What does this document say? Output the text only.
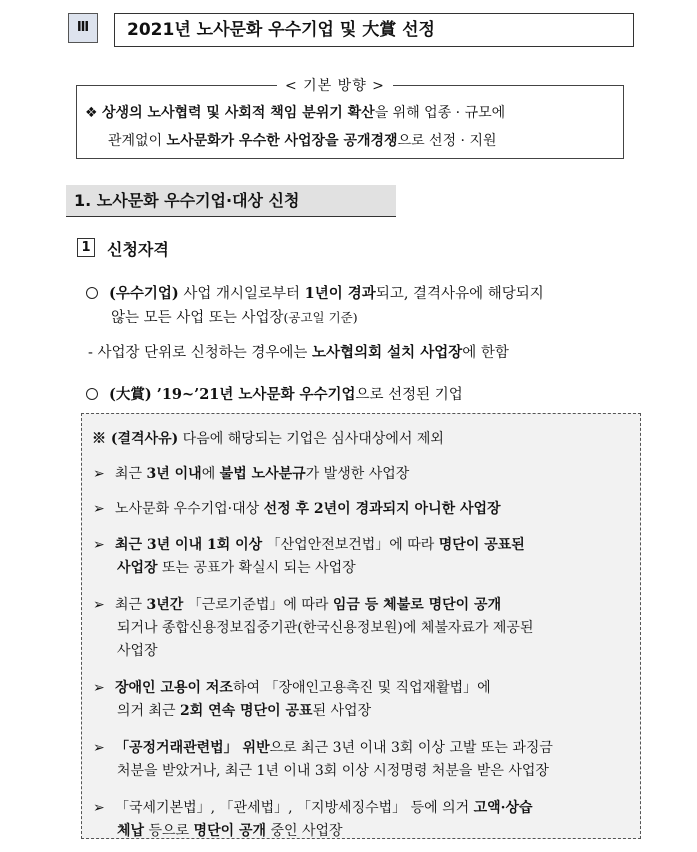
Ⅲ	2021년 노사문화 우수기업 및 大賞 선정
< 기본 방향 >
❖ 상생의 노사협력 및 사회적 책임 분위기 확산을 위해 업종 · 규모에
관계없이 노사문화가 우수한 사업장을 공개경쟁으로 선정 · 지원
1. 노사문화 우수기업·대상 신청
1 신청자격
(우수기업) 사업 개시일로부터 1년이 경과되고, 결격사유에 해당되지
않는 모든 사업 또는 사업장(공고일 기준)
- 사업장 단위로 신청하는 경우에는 노사협의회 설치 사업장에 한함
(大賞) ’19~’21년 노사문화 우수기업으로 선정된 기업
※ (결격사유) 다음에 해당되는 기업은 심사대상에서 제외
➢ 최근 3년 이내에 불법 노사분규가 발생한 사업장
➢ 노사문화 우수기업·대상 선정 후 2년이 경과되지 아니한 사업장
➢ 최근 3년 이내 1회 이상 「산업안전보건법」에 따라 명단이 공표된
사업장 또는 공표가 확실시 되는 사업장
➢ 최근 3년간 「근로기준법」에 따라 임금 등 체불로 명단이 공개
되거나 종합신용정보집중기관(한국신용정보원)에 체불자료가 제공된
사업장
➢ 장애인 고용이 저조하여 「장애인고용촉진 및 직업재활법」에
의거 최근 2회 연속 명단이 공표된 사업장
➢ 「공정거래관련법」 위반으로 최근 3년 이내 3회 이상 고발 또는 과징금
처분을 받았거나, 최근 1년 이내 3회 이상 시정명령 처분을 받은 사업장
➢ 「국세기본법」, 「관세법」, 「지방세징수법」 등에 의거 고액·상습
체납 등으로 명단이 공개 중인 사업장
